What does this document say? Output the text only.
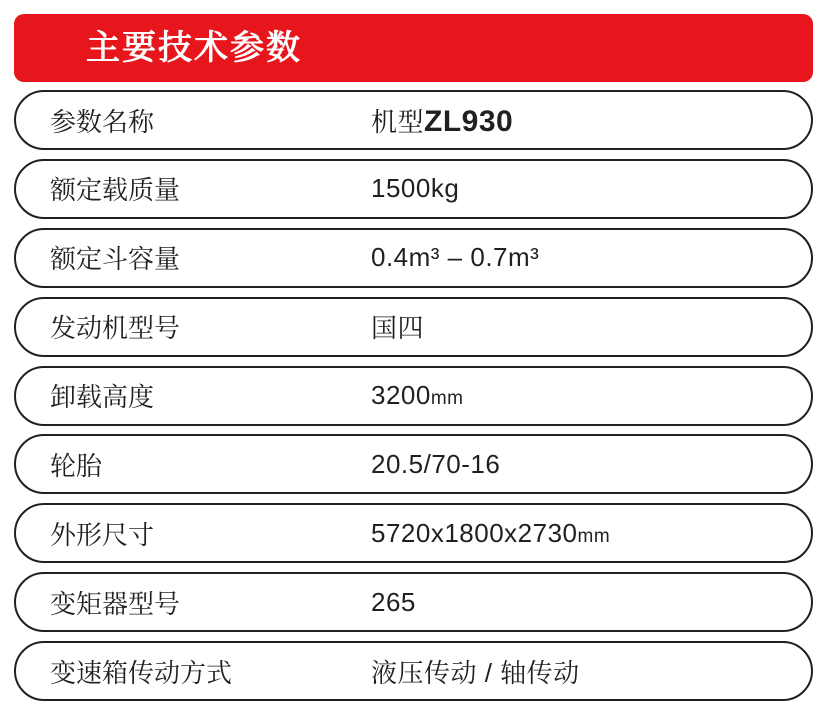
主要技术参数
参数名称	机型ZL930
额定载质量	1500kg
额定斗容量	0.4m³ – 0.7m³
发动机型号	国四
卸载高度	3200mm
轮胎	20.5/70-16
外形尺寸	5720x1800x2730mm
变矩器型号	265
变速箱传动方式	液压传动 / 轴传动
